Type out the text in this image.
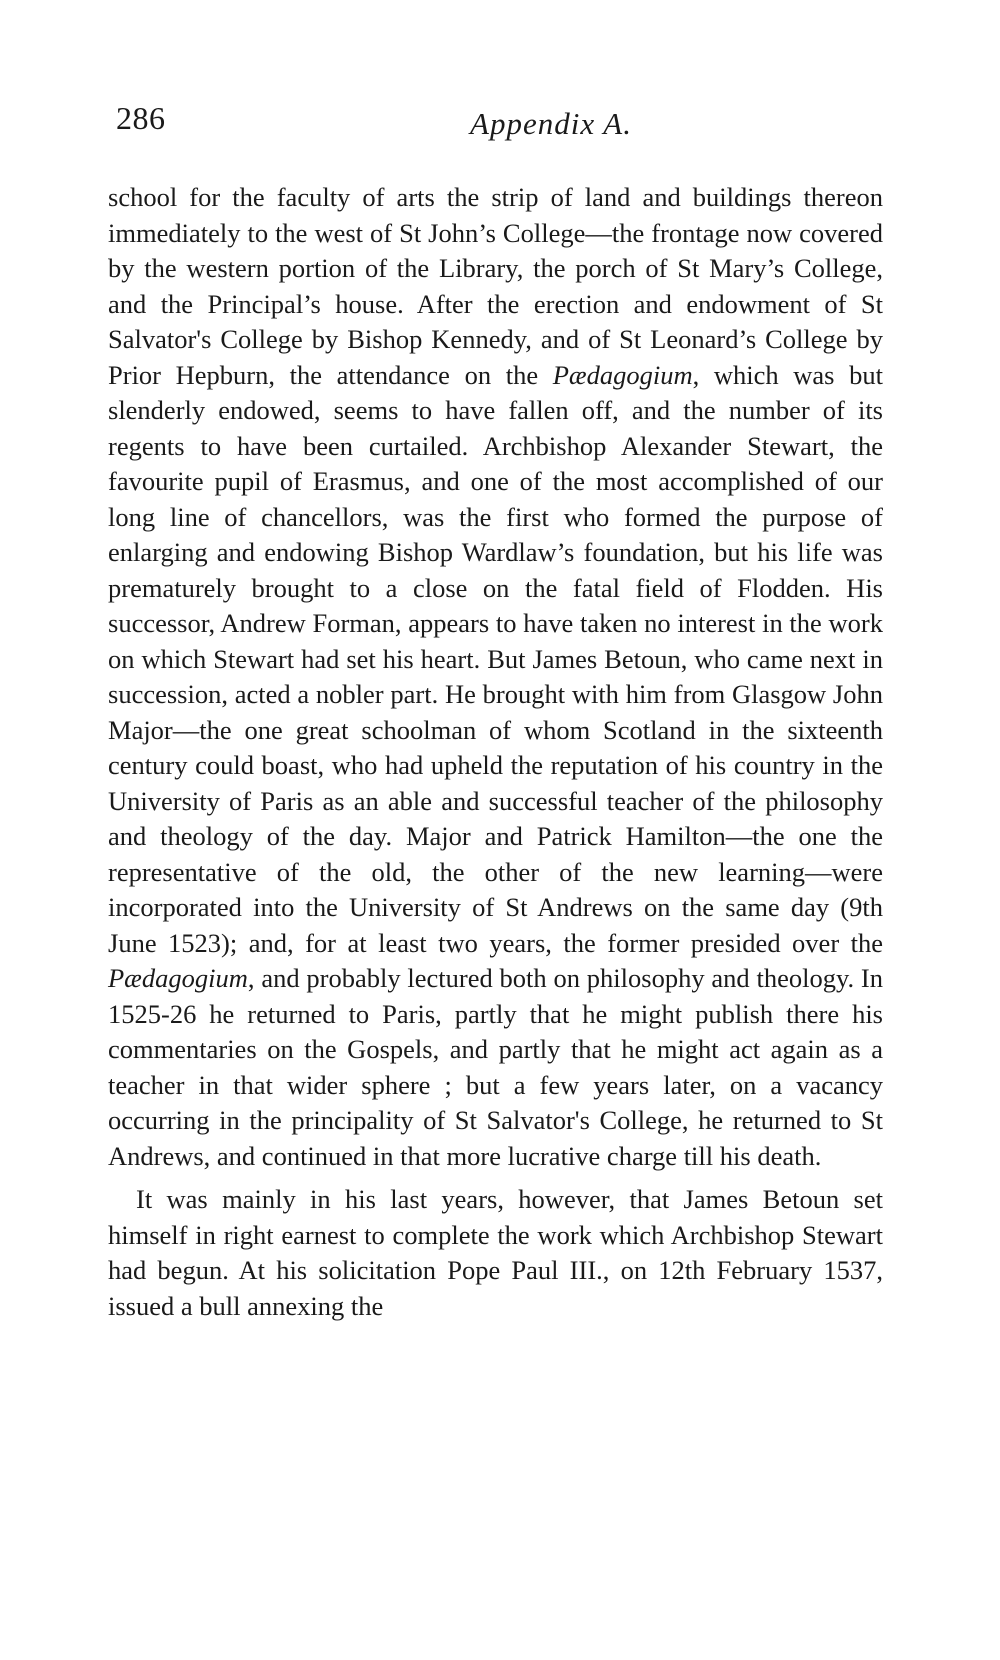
286	Appendix A.

school for the faculty of arts the strip of land and buildings thereon immediately to the west of St John’s College—the frontage now covered by the western portion of the Library, the porch of St Mary’s College, and the Principal’s house. After the erection and endowment of St Salvator's College by Bishop Kennedy, and of St Leonard’s College by Prior Hepburn, the attendance on the Pædagogium, which was but slenderly endowed, seems to have fallen off, and the number of its regents to have been curtailed. Archbishop Alexander Stewart, the favourite pupil of Erasmus, and one of the most accomplished of our long line of chancellors, was the first who formed the purpose of enlarging and endowing Bishop Wardlaw’s foundation, but his life was prematurely brought to a close on the fatal field of Flodden. His successor, Andrew Forman, appears to have taken no interest in the work on which Stewart had set his heart. But James Betoun, who came next in succession, acted a nobler part. He brought with him from Glasgow John Major—the one great schoolman of whom Scotland in the sixteenth century could boast, who had upheld the reputation of his country in the University of Paris as an able and successful teacher of the philosophy and theology of the day. Major and Patrick Hamilton—the one the representative of the old, the other of the new learning—were incorporated into the University of St Andrews on the same day (9th June 1523); and, for at least two years, the former presided over the Pædagogium, and probably lectured both on philosophy and theology. In 1525-26 he returned to Paris, partly that he might publish there his commentaries on the Gospels, and partly that he might act again as a teacher in that wider sphere ; but a few years later, on a vacancy occurring in the principality of St Salvator's College, he returned to St Andrews, and continued in that more lucrative charge till his death.

It was mainly in his last years, however, that James Betoun set himself in right earnest to complete the work which Archbishop Stewart had begun. At his solicitation Pope Paul III., on 12th February 1537, issued a bull annexing the
